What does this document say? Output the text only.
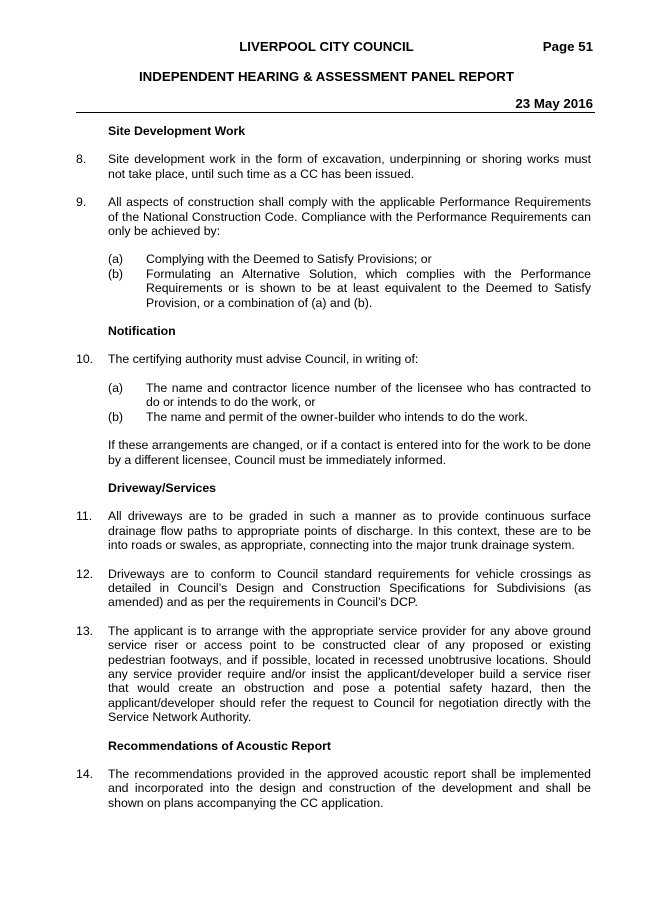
LIVERPOOL CITY COUNCIL	Page 51
INDEPENDENT HEARING & ASSESSMENT PANEL REPORT
23 May 2016
Site Development Work
8.	Site development work in the form of excavation, underpinning or shoring works must not take place, until such time as a CC has been issued.
9.	All aspects of construction shall comply with the applicable Performance Requirements of the National Construction Code. Compliance with the Performance Requirements can only be achieved by:
(a)	Complying with the Deemed to Satisfy Provisions; or
(b)	Formulating an Alternative Solution, which complies with the Performance Requirements or is shown to be at least equivalent to the Deemed to Satisfy Provision, or a combination of (a) and (b).
Notification
10.	The certifying authority must advise Council, in writing of:
(a)	The name and contractor licence number of the licensee who has contracted to do or intends to do the work, or
(b)	The name and permit of the owner-builder who intends to do the work.
If these arrangements are changed, or if a contact is entered into for the work to be done by a different licensee, Council must be immediately informed.
Driveway/Services
11.	All driveways are to be graded in such a manner as to provide continuous surface drainage flow paths to appropriate points of discharge. In this context, these are to be into roads or swales, as appropriate, connecting into the major trunk drainage system.
12.	Driveways are to conform to Council standard requirements for vehicle crossings as detailed in Council’s Design and Construction Specifications for Subdivisions (as amended) and as per the requirements in Council’s DCP.
13.	The applicant is to arrange with the appropriate service provider for any above ground service riser or access point to be constructed clear of any proposed or existing pedestrian footways, and if possible, located in recessed unobtrusive locations. Should any service provider require and/or insist the applicant/developer build a service riser that would create an obstruction and pose a potential safety hazard, then the applicant/developer should refer the request to Council for negotiation directly with the Service Network Authority.
Recommendations of Acoustic Report
14.	The recommendations provided in the approved acoustic report shall be implemented and incorporated into the design and construction of the development and shall be shown on plans accompanying the CC application.
